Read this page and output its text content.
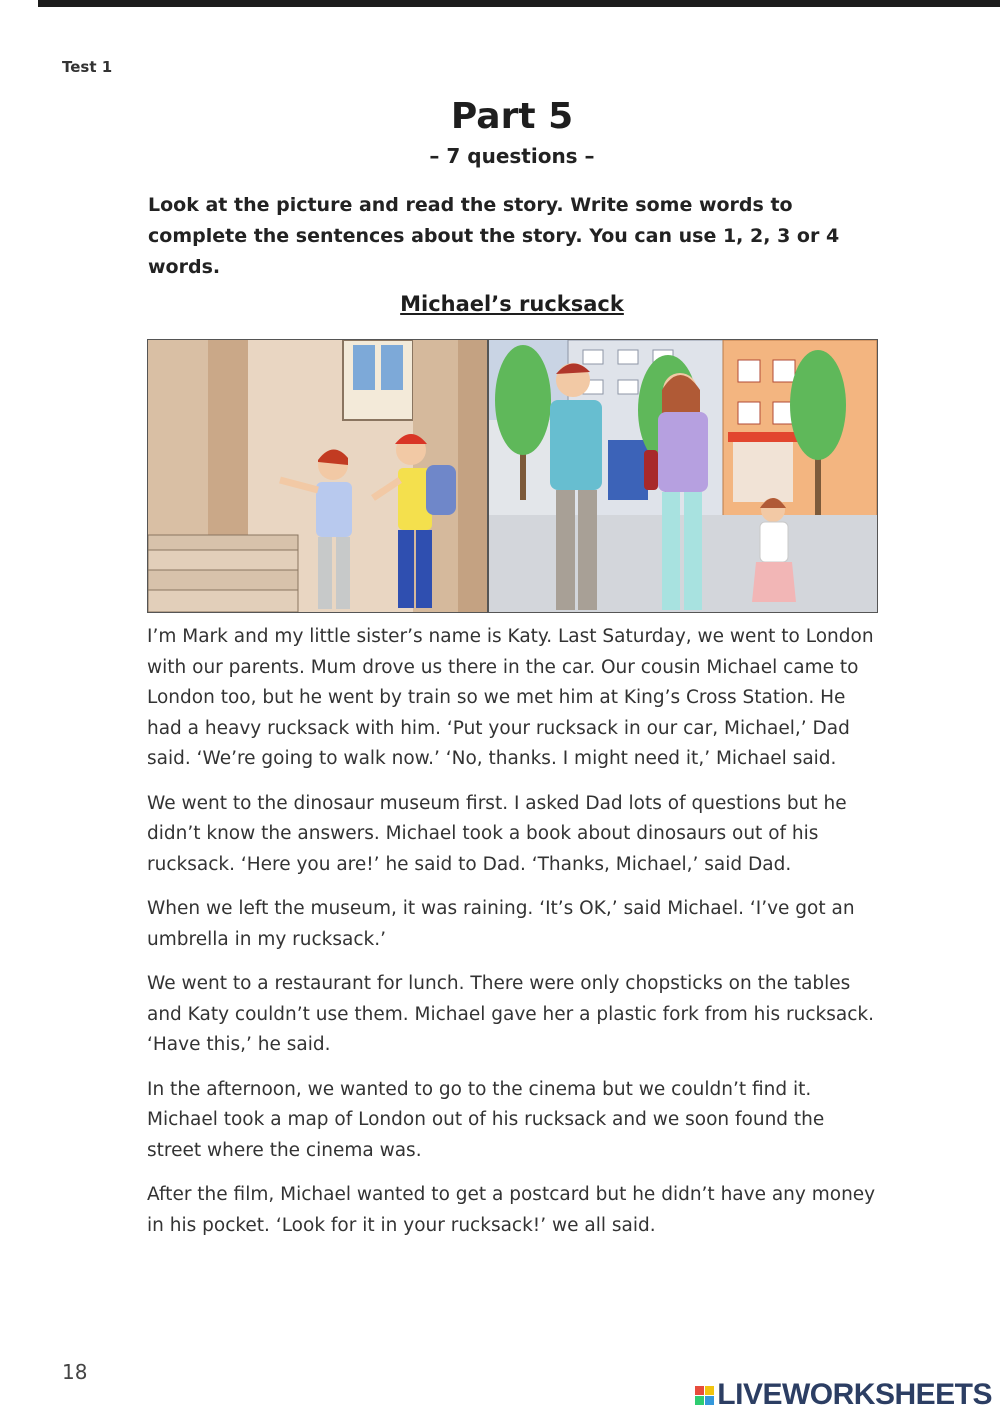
Test 1
Part 5
– 7 questions –
Look at the picture and read the story. Write some words to complete the sentences about the story. You can use 1, 2, 3 or 4 words.
Michael’s rucksack

I’m Mark and my little sister’s name is Katy. Last Saturday, we went to London with our parents. Mum drove us there in the car. Our cousin Michael came to London too, but he went by train so we met him at King’s Cross Station. He had a heavy rucksack with him. ‘Put your rucksack in our car, Michael,’ Dad said. ‘We’re going to walk now.’ ‘No, thanks. I might need it,’ Michael said.

We went to the dinosaur museum first. I asked Dad lots of questions but he didn’t know the answers. Michael took a book about dinosaurs out of his rucksack. ‘Here you are!’ he said to Dad. ‘Thanks, Michael,’ said Dad.

When we left the museum, it was raining. ‘It’s OK,’ said Michael. ‘I’ve got an umbrella in my rucksack.’

We went to a restaurant for lunch. There were only chopsticks on the tables and Katy couldn’t use them. Michael gave her a plastic fork from his rucksack. ‘Have this,’ he said.

In the afternoon, we wanted to go to the cinema but we couldn’t find it. Michael took a map of London out of his rucksack and we soon found the street where the cinema was.

After the film, Michael wanted to get a postcard but he didn’t have any money in his pocket. ‘Look for it in your rucksack!’ we all said.

18
LIVEWORKSHEETS
